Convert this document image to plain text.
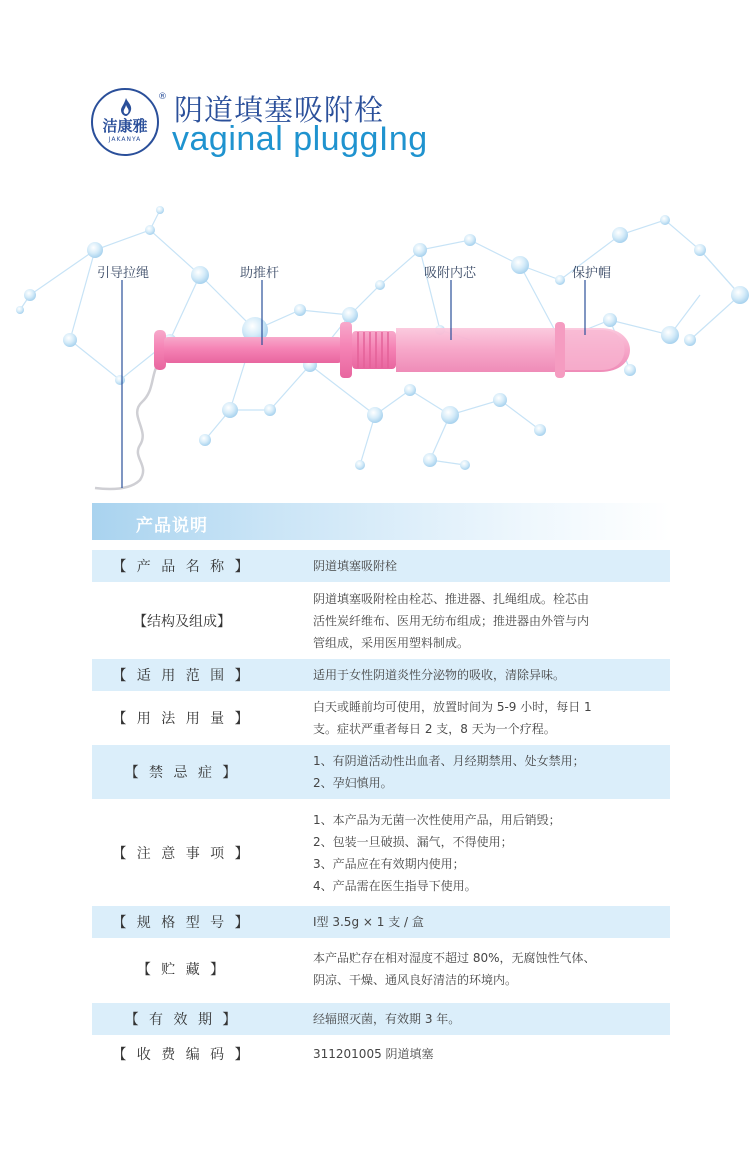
洁康雅
JAKANYA
® 阴道填塞吸附栓
vaginal pluggIng
引导拉绳	助推杆	吸附内芯	保护帽
产品说明
【 产 品 名 称 】	阴道填塞吸附栓
【结构及组成】
阴道填塞吸附栓由栓芯、推进器、扎绳组成。栓芯由活性炭纤维布、医用无纺布组成；推进器由外管与内管组成，采用医用塑料制成。
【 适 用 范 围 】	适用于女性阴道炎性分泌物的吸收，清除异味。
【 用 法 用 量 】
白天或睡前均可使用，放置时间为 5-9 小时，每日 1 支。症状严重者每日 2 支，8 天为一个疗程。
【 禁 忌 症 】
1、有阴道活动性出血者、月经期禁用、处女禁用；
2、孕妇慎用。
【 注 意 事 项 】
1、本产品为无菌一次性使用产品，用后销毁；
2、包装一旦破损、漏气，不得使用；
3、产品应在有效期内使用；
4、产品需在医生指导下使用。
【 规 格 型 号 】	Ⅰ型 3.5g × 1 支 / 盒
【 贮 藏 】
本产品贮存在相对湿度不超过 80%，无腐蚀性气体、阴凉、干燥、通风良好清洁的环境内。
【 有 效 期 】	经辐照灭菌，有效期 3 年。
【 收 费 编 码 】	311201005 阴道填塞
